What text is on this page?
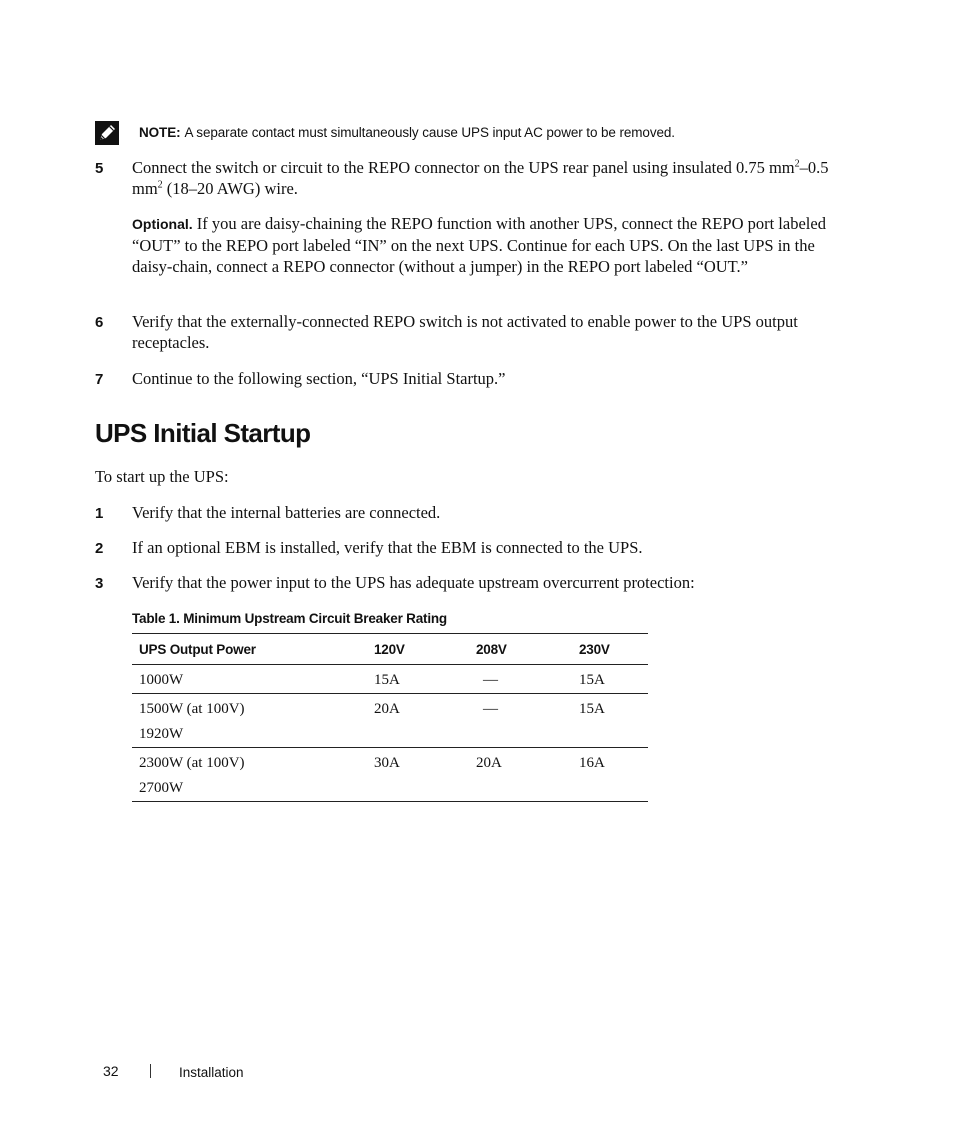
NOTE: A separate contact must simultaneously cause UPS input AC power to be removed.
5	Connect the switch or circuit to the REPO connector on the UPS rear panel using insulated 0.75 $mm^2-0.5$ $mm^2$ (18–20 AWG) wire.
Optional. If you are daisy-chaining the REPO function with another UPS, connect the REPO port labeled “OUT” to the REPO port labeled “IN” on the next UPS. Continue for each UPS. On the last UPS in the daisy-chain, connect a REPO connector (without a jumper) in the REPO port labeled “OUT.”
6	Verify that the externally-connected REPO switch is not activated to enable power to the UPS output receptacles.
7	Continue to the following section, “UPS Initial Startup.”
UPS Initial Startup
To start up the UPS:
1	Verify that the internal batteries are connected.
2	If an optional EBM is installed, verify that the EBM is connected to the UPS.
3	Verify that the power input to the UPS has adequate upstream overcurrent protection:
Table 1. Minimum Upstream Circuit Breaker Rating
UPS Output Power	120V	208V	230V

1000W	15A	—	15A

1500W (at 100V)
1920W	20A	—	15A

2300W (at 100V)
2700W	30A	20A	16A
32	Installation
